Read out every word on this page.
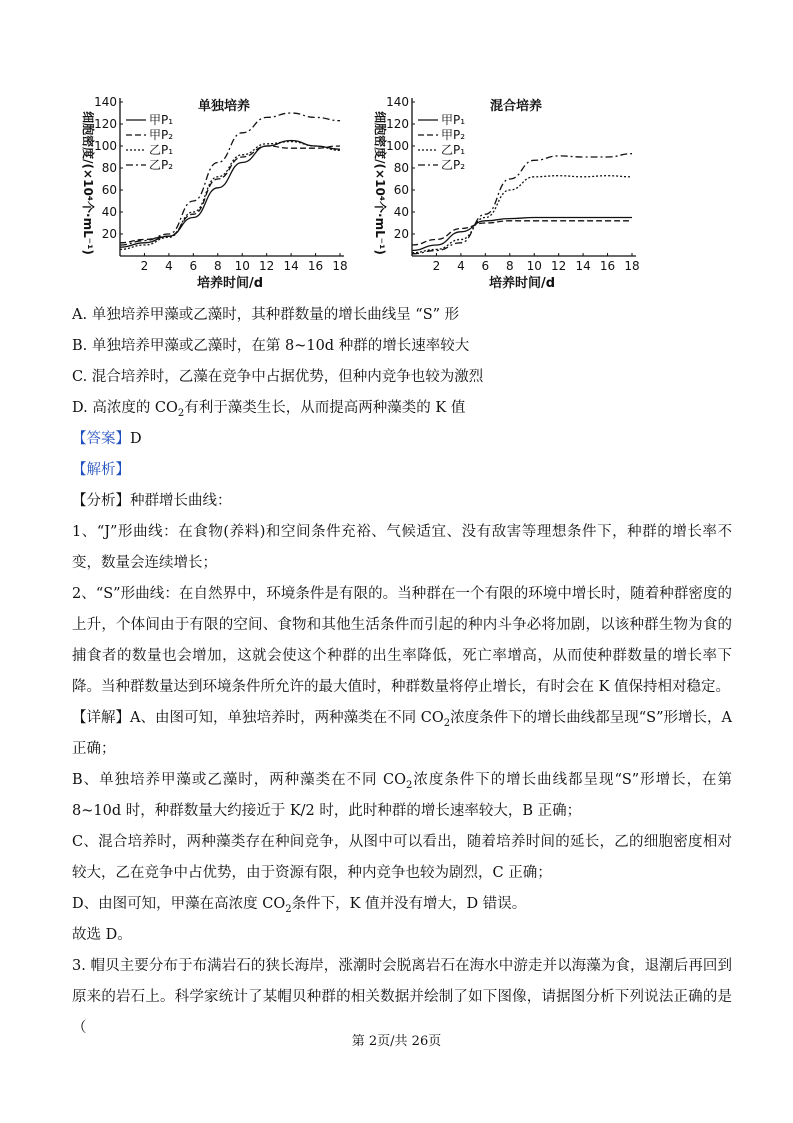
20
40
60
80
100
120
140
2 4 6 8 10 12 14 16 18
培养时间/d
细胞密度/(×10⁴个·mL⁻¹)
单独培养
甲P₁
甲P₂
乙P₁
乙P₂
20
40
60
80
100
120
140
2 4 6 8 10 12 14 16 18
培养时间/d
细胞密度/(×10⁴个·mL⁻¹)
混合培养
甲P₁
甲P₂
乙P₁
乙P₂
A. 单独培养甲藻或乙藻时，其种群数量的增长曲线呈 “S” 形
B. 单独培养甲藻或乙藻时，在第 8~10d 种群的增长速率较大
C. 混合培养时，乙藻在竞争中占据优势，但种内竞争也较为激烈
D. 高浓度的 $CO_2$有利于藻类生长，从而提高两种藻类的 K 值

【答案】D

【解析】

【分析】种群增长曲线：

1、“J”形曲线：在食物(养料)和空间条件充裕、气候适宜、没有敌害等理想条件下，种群的增长率不变，数量会连续增长；

2、“S”形曲线：在自然界中，环境条件是有限的。当种群在一个有限的环境中增长时，随着种群密度的上升，个体间由于有限的空间、食物和其他生活条件而引起的种内斗争必将加剧，以该种群生物为食的捕食者的数量也会增加，这就会使这个种群的出生率降低，死亡率增高，从而使种群数量的增长率下降。当种群数量达到环境条件所允许的最大值时，种群数量将停止增长，有时会在 K 值保持相对稳定。

【详解】A、由图可知，单独培养时，两种藻类在不同 $CO_2$浓度条件下的增长曲线都呈现“S”形增长，A 正确；

B、单独培养甲藻或乙藻时，两种藻类在不同 $CO_2$浓度条件下的增长曲线都呈现“S”形增长，在第 8~10d 时，种群数量大约接近于 K/2 时，此时种群的增长速率较大，B 正确；

C、混合培养时，两种藻类存在种间竞争，从图中可以看出，随着培养时间的延长，乙的细胞密度相对较大，乙在竞争中占优势，由于资源有限，种内竞争也较为剧烈，C 正确；

D、由图可知，甲藻在高浓度 $CO_2$条件下，K 值并没有增大，D 错误。

故选 D。

3. 帽贝主要分布于布满岩石的狭长海岸，涨潮时会脱离岩石在海水中游走并以海藻为食，退潮后再回到原来的岩石上。科学家统计了某帽贝种群的相关数据并绘制了如下图像，请据图分析下列说法正确的是（

第 2页/共 26页
